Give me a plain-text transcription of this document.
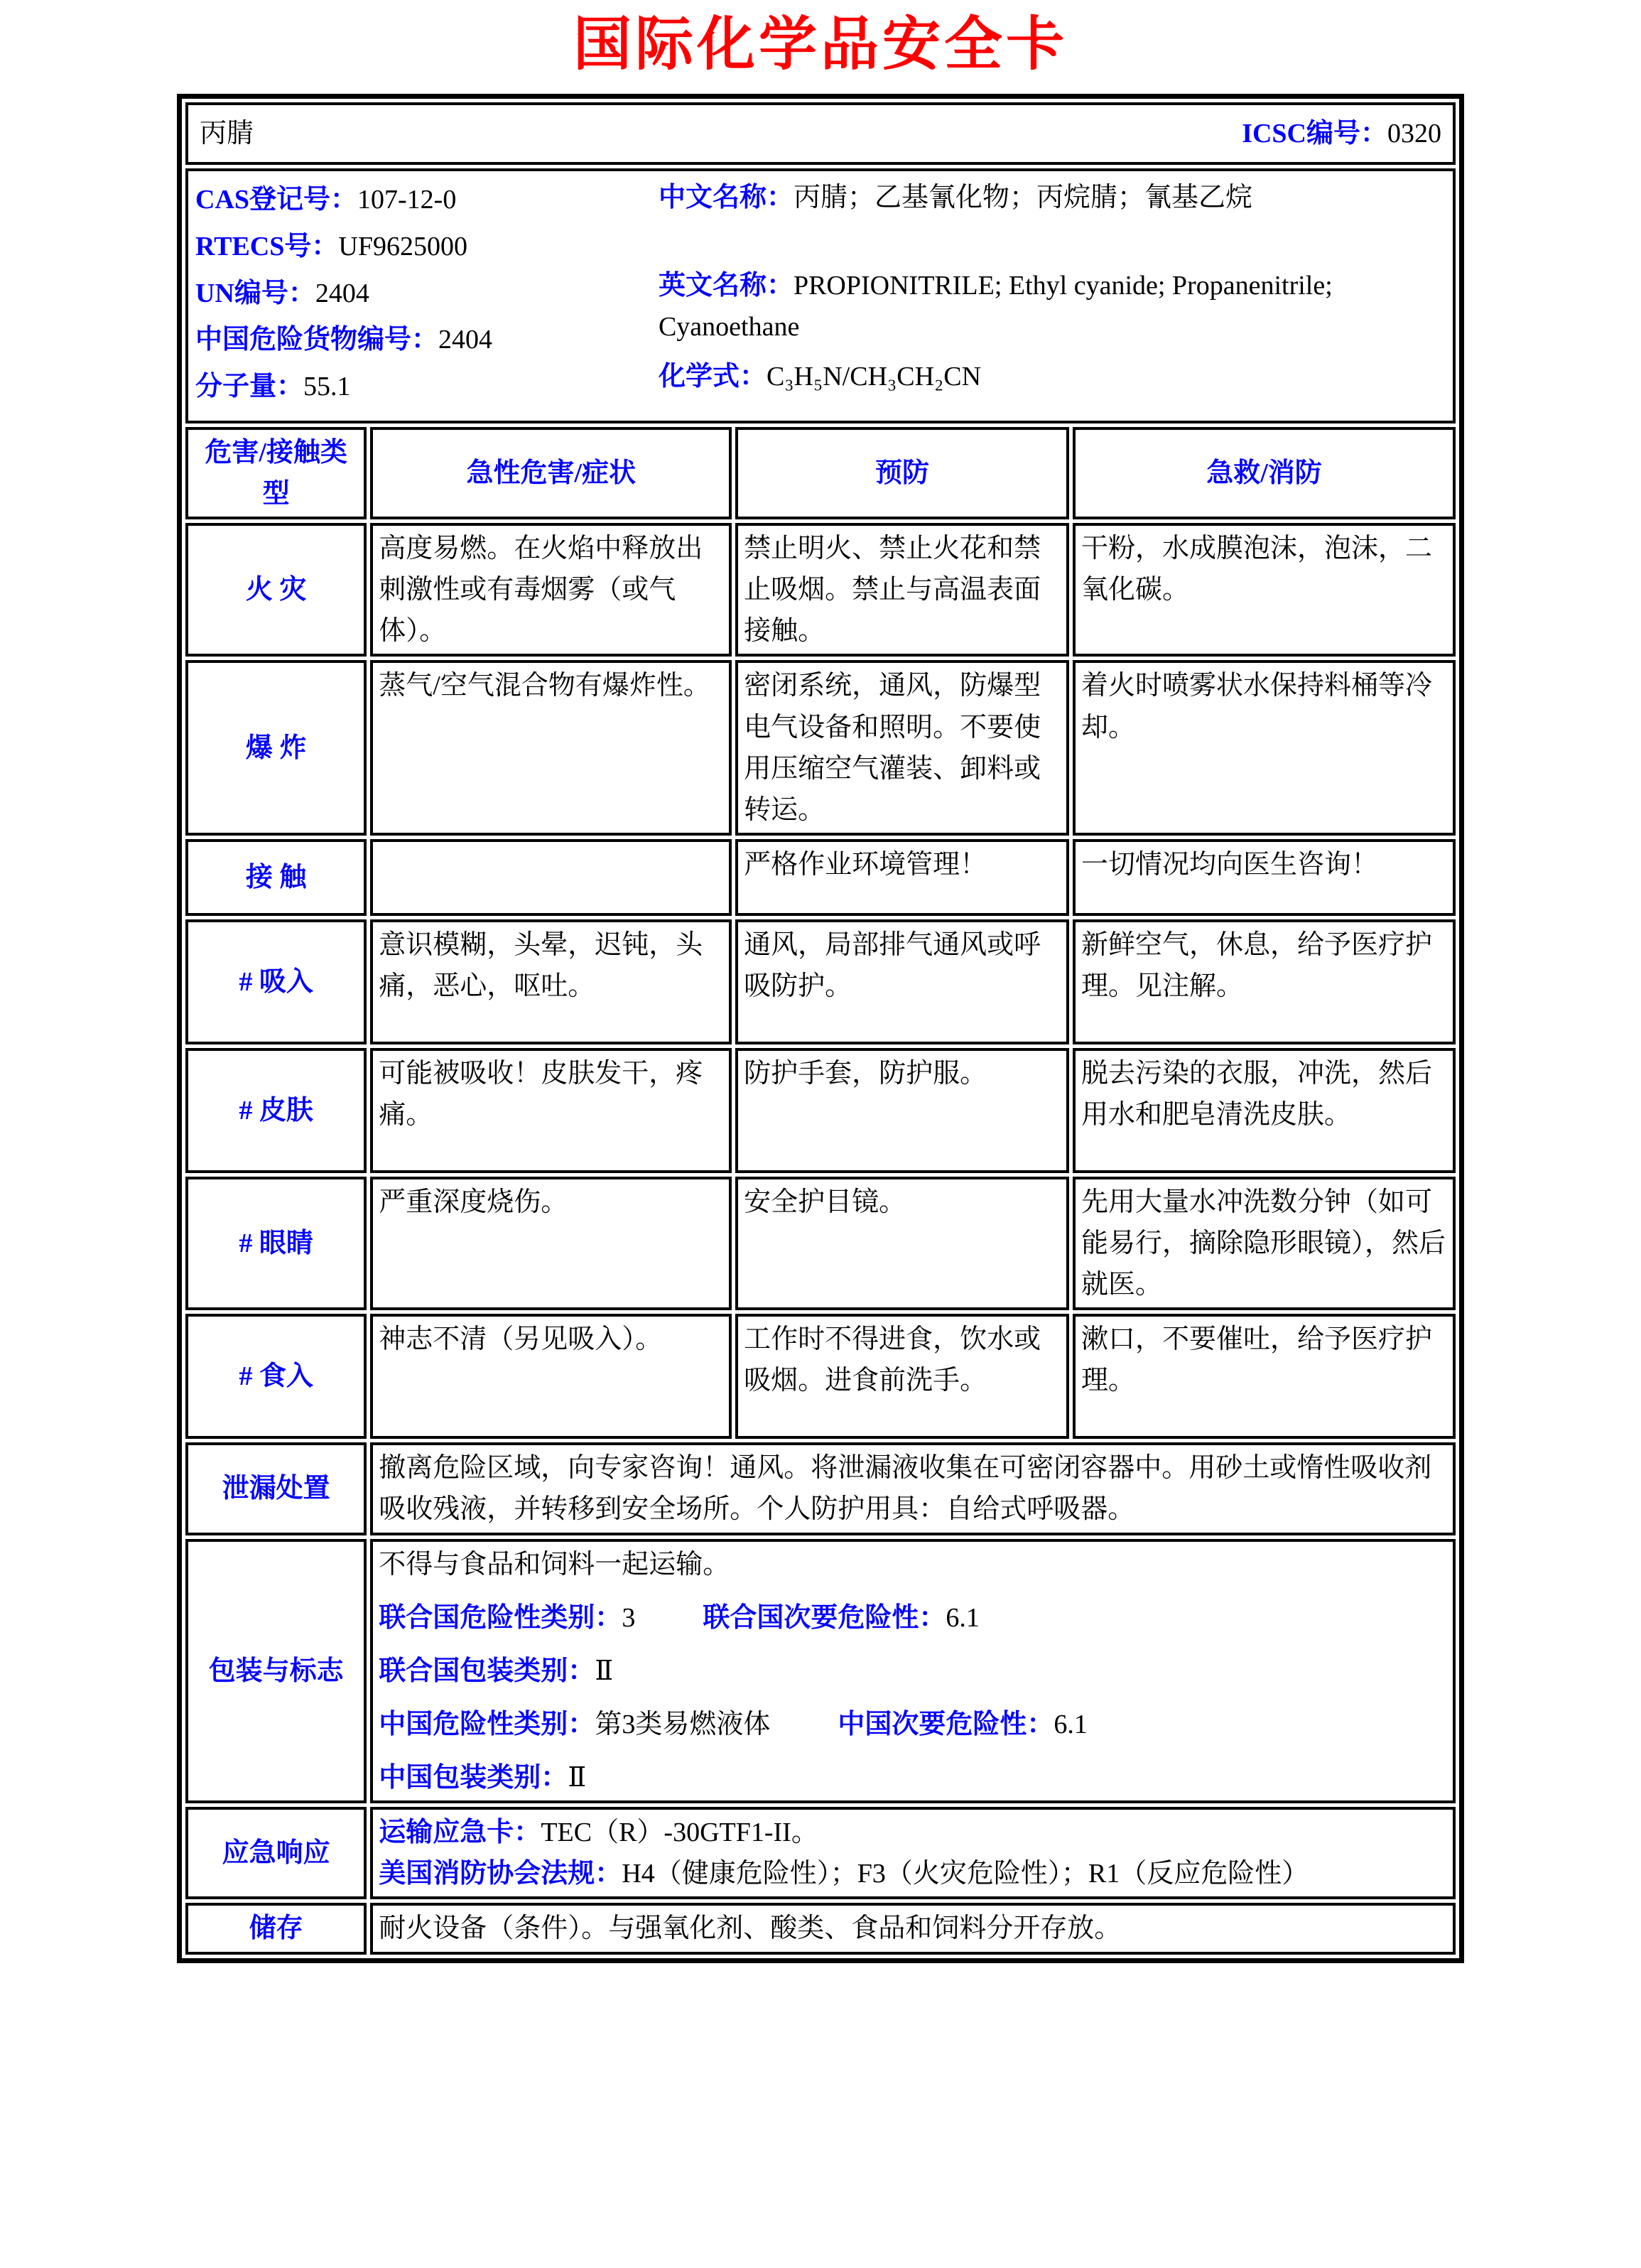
国际化学品安全卡
丙腈 ICSC编号：0320			

CAS登记号：107-12-0
RTECS号：UF9625000
UN编号：2404
中国危险货物编号：2404
分子量：55.1

中文名称：丙腈；乙基氰化物；丙烷腈；氰基乙烷

英文名称：PROPIONITRILE; Ethyl cyanide; Propanenitrile; Cyanoethane

化学式：C₃H₅N/CH₃CH₂CN

危害/接触类型	急性危害/症状	预防	急救/消防
火 灾	高度易燃。在火焰中释放出刺激性或有毒烟雾（或气体）。	禁止明火、禁止火花和禁止吸烟。禁止与高温表面接触。	干粉，水成膜泡沫，泡沫，二氧化碳。
爆 炸	蒸气/空气混合物有爆炸性。	密闭系统，通风，防爆型电气设备和照明。不要使用压缩空气灌装、卸料或转运。	着火时喷雾状水保持料桶等冷却。
接 触		严格作业环境管理！	一切情况均向医生咨询！
# 吸入	意识模糊，头晕，迟钝，头痛，恶心，呕吐。	通风，局部排气通风或呼吸防护。	新鲜空气，休息，给予医疗护理。见注解。
# 皮肤	可能被吸收！皮肤发干，疼痛。	防护手套，防护服。	脱去污染的衣服，冲洗，然后用水和肥皂清洗皮肤。
# 眼睛	严重深度烧伤。	安全护目镜。	先用大量水冲洗数分钟（如可能易行，摘除隐形眼镜），然后就医。
# 食入	神志不清（另见吸入）。	工作时不得进食，饮水或吸烟。进食前洗手。	漱口，不要催吐，给予医疗护理。
泄漏处置	撤离危险区域，向专家咨询！通风。将泄漏液收集在可密闭容器中。用砂土或惰性吸收剂吸收残液，并转移到安全场所。个人防护用具：自给式呼吸器。		
包装与标志	不得与食品和饲料一起运输。

联合国危险性类别：3 联合国次要危险性：6.1

联合国包装类别：Ⅱ

中国危险性类别：第3类易燃液体 中国次要危险性：6.1

中国包装类别：Ⅱ		

应急响应	运输应急卡：TEC（R）-30GTF1-II。

美国消防协会法规：H4（健康危险性）；F3（火灾危险性）；R1（反应危险性）		

储存	耐火设备（条件）。与强氧化剂、酸类、食品和饲料分开存放。		
